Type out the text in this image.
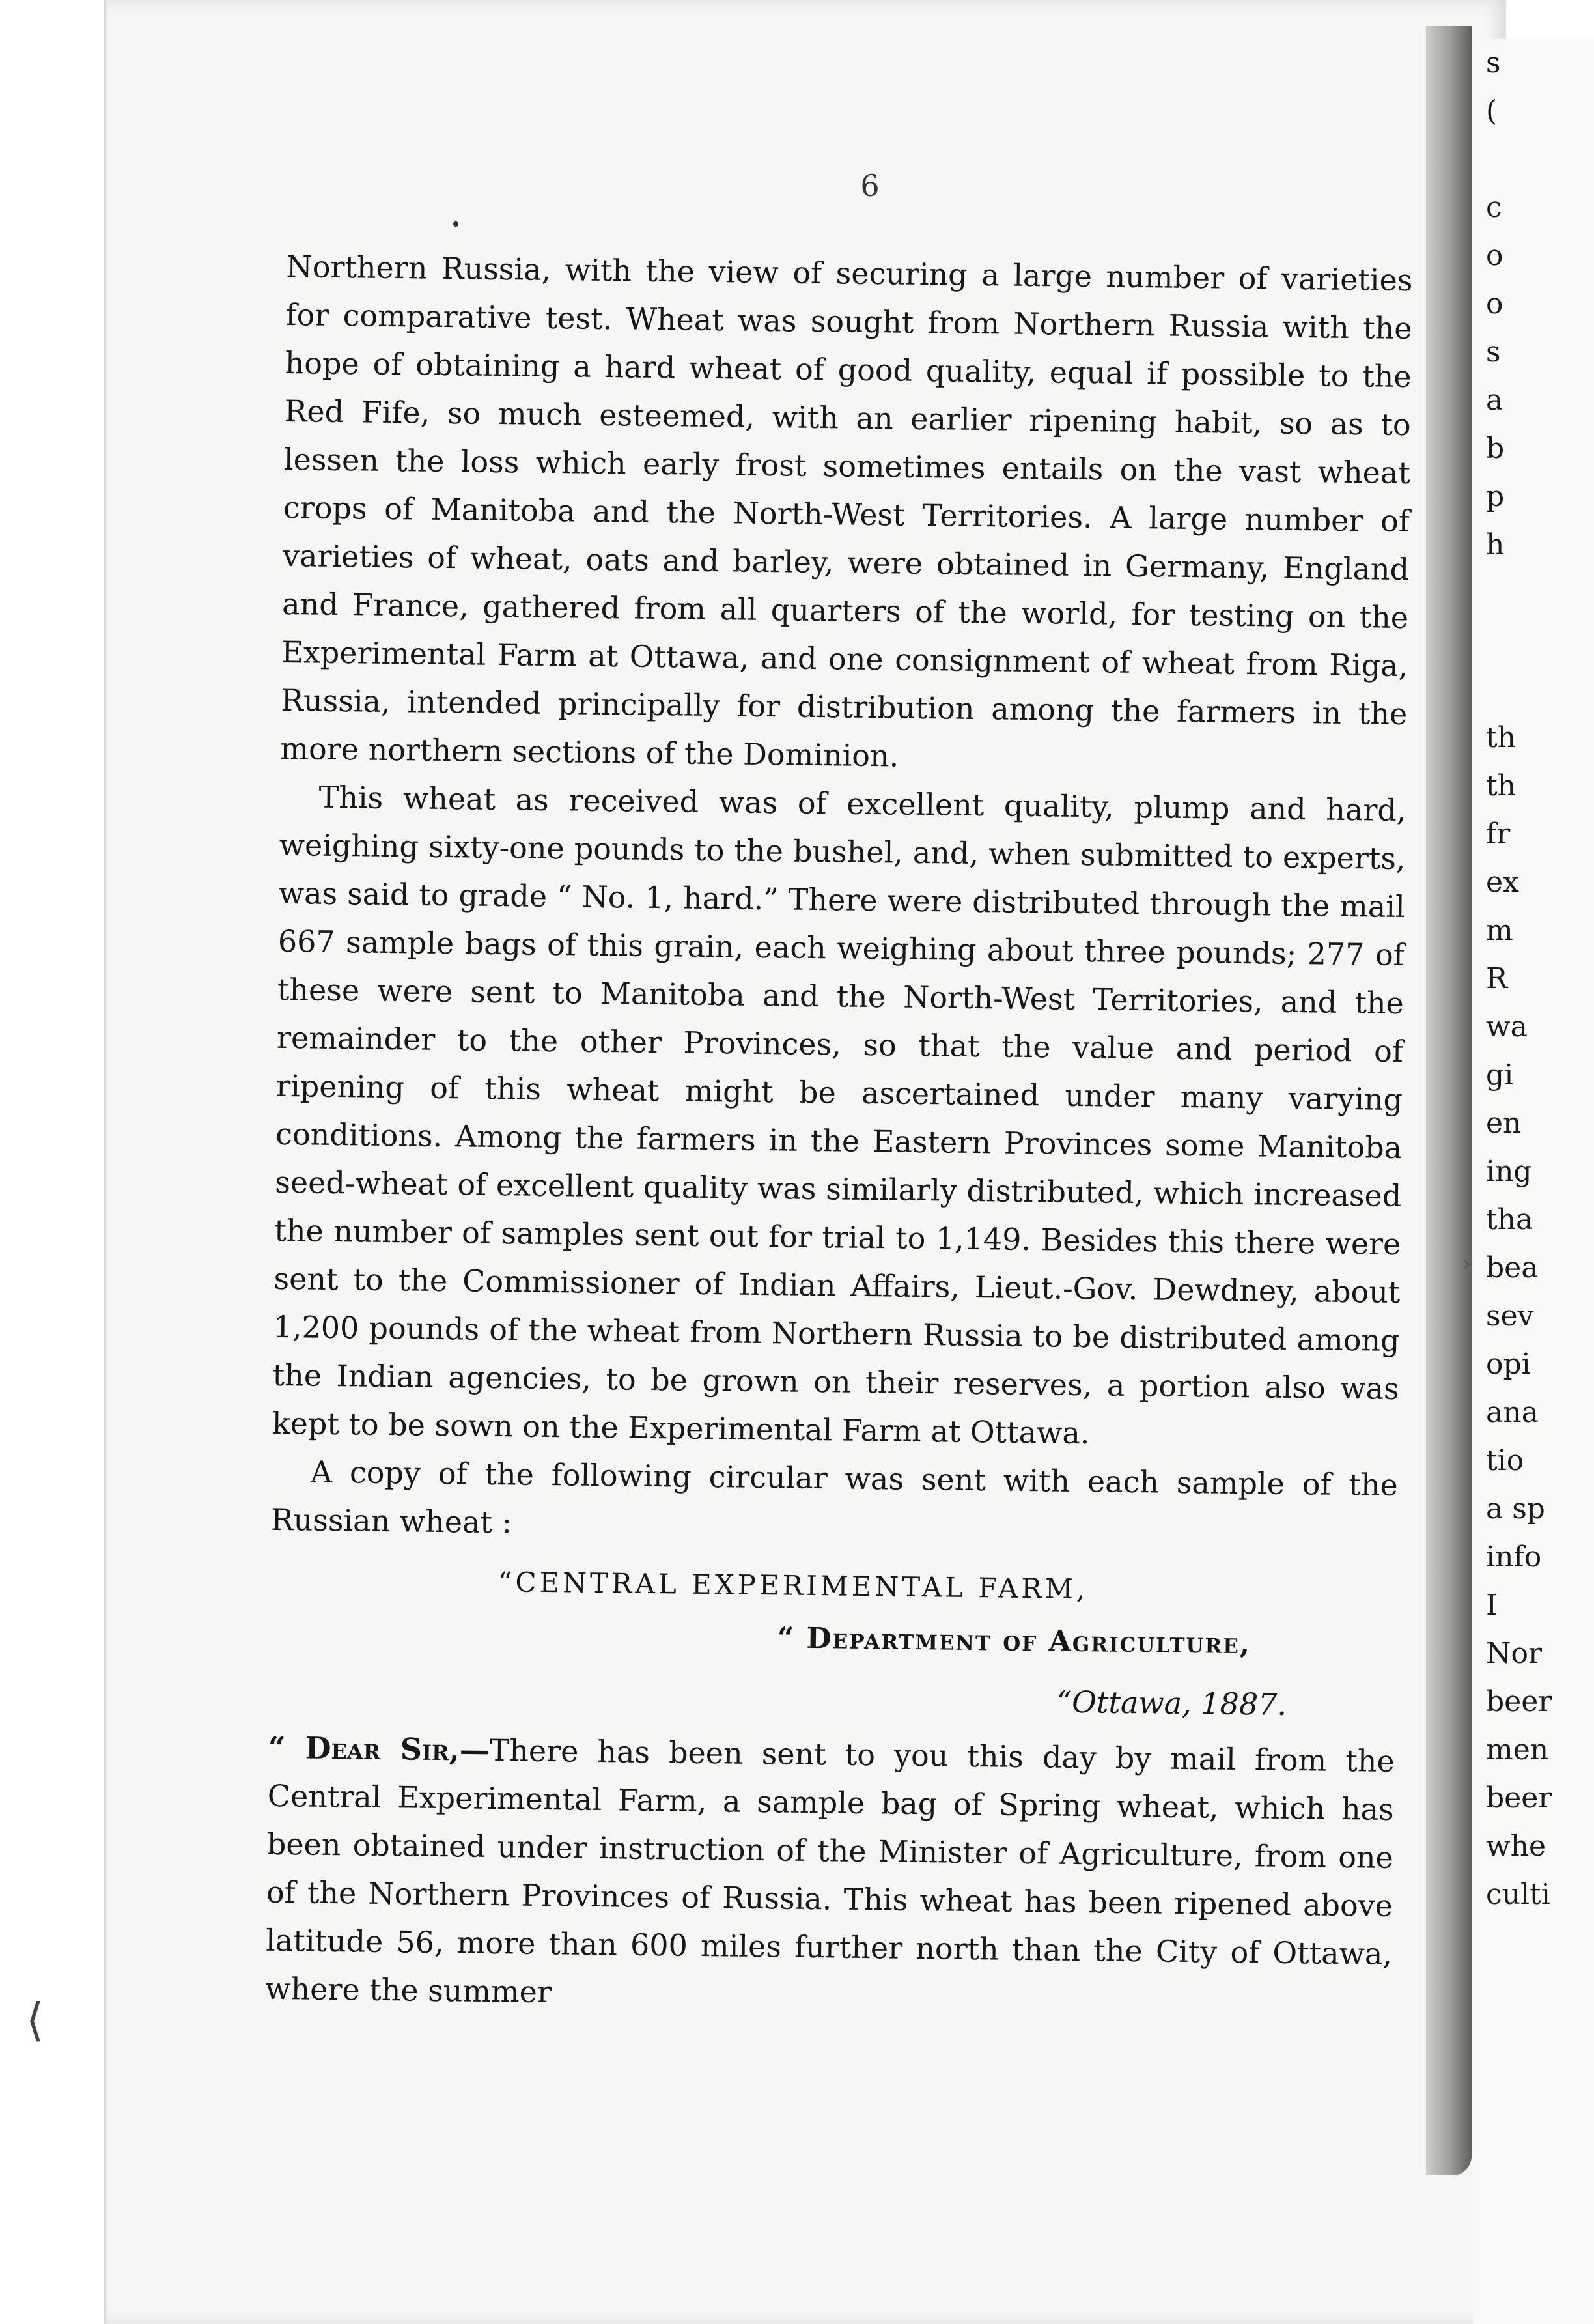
6

Northern Russia, with the view of securing a large number of varieties for comparative test. Wheat was sought from Northern Russia with the hope of obtaining a hard wheat of good quality, equal if possible to the Red Fife, so much esteemed, with an earlier ripening habit, so as to lessen the loss which early frost sometimes entails on the vast wheat crops of Manitoba and the North-West Territories. A large number of varieties of wheat, oats and barley, were obtained in Germany, England and France, gathered from all quarters of the world, for testing on the Experimental Farm at Ottawa, and one consignment of wheat from Riga, Russia, intended principally for distribution among the farmers in the more northern sections of the Dominion.

This wheat as received was of excellent quality, plump and hard, weighing sixty-one pounds to the bushel, and, when submitted to experts, was said to grade “ No. 1, hard.” There were distributed through the mail 667 sample bags of this grain, each weighing about three pounds; 277 of these were sent to Manitoba and the North-West Territories, and the remainder to the other Provinces, so that the value and period of ripening of this wheat might be ascertained under many varying conditions. Among the farmers in the Eastern Provinces some Manitoba seed-wheat of excellent quality was similarly distributed, which increased the number of samples sent out for trial to 1,149. Besides this there were sent to the Commissioner of Indian Affairs, Lieut.-Gov. Dewdney, about 1,200 pounds of the wheat from Northern Russia to be distributed among the Indian agencies, to be grown on their reserves, a portion also was kept to be sown on the Experimental Farm at Ottawa.

A copy of the following circular was sent with each sample of the Russian wheat :

“CENTRAL EXPERIMENTAL FARM,
“ Department of Agriculture,
“Ottawa, 1887.

“ Dear Sir,—There has been sent to you this day by mail from the Central Experimental Farm, a sample bag of Spring wheat, which has been obtained under instruction of the Minister of Agriculture, from one of the Northern Provinces of Russia. This wheat has been ripened above latitude 56, more than 600 miles further north than the City of Ottawa, where the summer

s
(
c
o
o
s
a
b
p
h
th
th
fr
ex
m
R
wa
gi
en
ing
tha
bea
sev
opi
ana
tio
a sp
info
I
Nor
beer
men
beer
whe
culti
›
⟨
